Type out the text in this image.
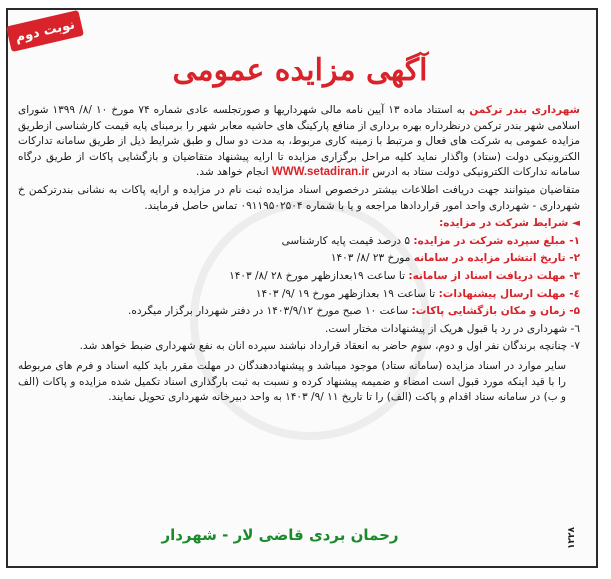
نوبت دوم
آگهی مزایده عمومی

شهرداری بندر ترکمن به استناد ماده ۱۳ آیین نامه مالی شهرداریها و صورتجلسه عادی شماره ۷۴ مورخ ۱۰ /۸/ ۱۳۹۹ شورای اسلامی شهر بندر ترکمن درنظرداره بهره برداری از منافع پارکینگ های حاشیه معابر شهر را برمبنای پایه قیمت کارشناسی ازطریق مزایده عمومی به شرکت های فعال و مرتبط با زمینه کاری مربوط، به مدت دو سال و طبق شرایط ذیل از طریق سامانه تدارکات الکترونیکی دولت (ستاد) واگذار نماید کلیه مراحل برگزاری مزایده تا ارایه پیشنهاد متقاضیان و بازگشایی پاکات از طریق درگاه سامانه تدارکات الکترونیکی دولت ستاد به ادرس WWW.setadiran.ir انجام خواهد شد.

متقاضیان میتوانند جهت دریافت اطلاعات بیشتر درخصوص اسناد مزایده ثبت نام در مزایده و ارایه پاکات به نشانی بندرترکمن خ شهرداری - شهرداری واحد امور قراردادها مراجعه و یا با شماره ۰۹۱۱۹۵۰۲۵۰۴ تماس حاصل فرمایند.

◄ شرایط شرکت در مزایده:

۱- مبلغ سپرده شرکت در مزایده: ۵ درصد قیمت پایه کارشناسی

۲- تاریخ انتشار مزایده در سامانه مورخ ۲۳ /۸/ ۱۴۰۳

۳- مهلت دریافت اسناد از سامانه: تا ساعت ۱۹بعدازظهر مورخ ۲۸ /۸/ ۱۴۰۳

٤- مهلت ارسال پیشنهادات: تا ساعت ۱۹ بعدازظهر مورخ ۱۹ /۹/ ۱۴۰۳

۵- زمان و مکان بازگشایی پاکات: ساعت ۱۰ صبح مورخ ۱۴۰۳/۹/۱۲ در دفتر شهردار برگزار میگرده.

٦- شهرداری در رد یا قبول هریک از پیشنهادات مختار است.

۷- چنانچه برندگان نفر اول و دوم، سوم حاضر به انعقاد قرارداد نباشند سپرده انان به نفع شهرداری ضبط خواهد شد.

سایر موارد در اسناد مزایده (سامانه ستاد) موجود میباشد و پیشنهاددهندگان در مهلت مقرر باید کلیه اسناد و فرم های مربوطه را با قید اینکه مورد قبول است امضاء و ضمیمه پیشنهاد کرده و نسبت به ثبت بارگذاری اسناد تکمیل شده مزایده و پاکات (الف و ب) در سامانه ستاد اقدام و پاکت (الف) را تا تاریخ ۱۱ /۹/ ۱۴۰۳ به واحد دبیرخانه شهرداری تحویل نمایند.

رحمان بردی قاضی لار - شهردار	۱۲۲۸
